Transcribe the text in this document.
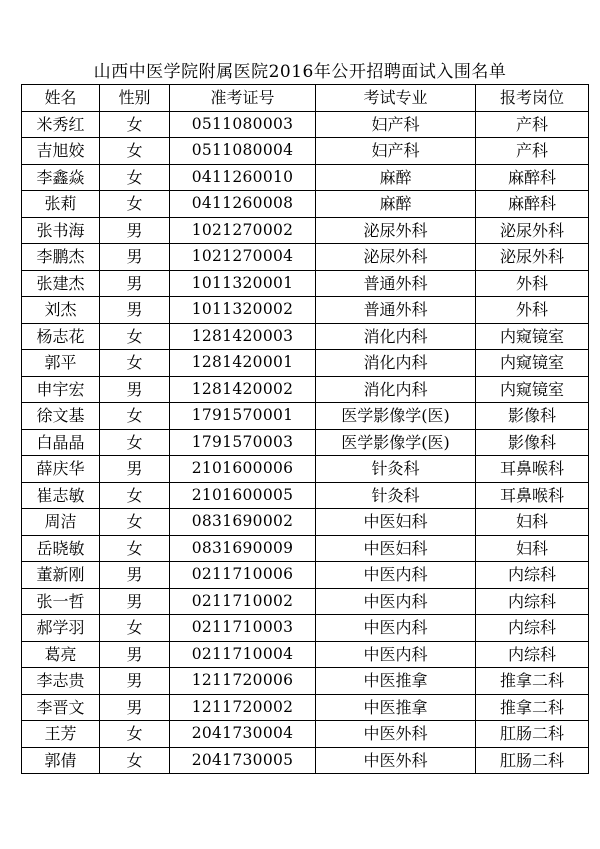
山西中医学院附属医院2016年公开招聘面试入围名单
姓名	性别	准考证号	考试专业	报考岗位
米秀红	女	0511080003	妇产科	产科
吉旭姣	女	0511080004	妇产科	产科
李鑫焱	女	0411260010	麻醉	麻醉科
张莉	女	0411260008	麻醉	麻醉科
张书海	男	1021270002	泌尿外科	泌尿外科
李鹏杰	男	1021270004	泌尿外科	泌尿外科
张建杰	男	1011320001	普通外科	外科
刘杰	男	1011320002	普通外科	外科
杨志花	女	1281420003	消化内科	内窥镜室
郭平	女	1281420001	消化内科	内窥镜室
申宇宏	男	1281420002	消化内科	内窥镜室
徐文基	女	1791570001	医学影像学(医)	影像科
白晶晶	女	1791570003	医学影像学(医)	影像科
薛庆华	男	2101600006	针灸科	耳鼻喉科
崔志敏	女	2101600005	针灸科	耳鼻喉科
周洁	女	0831690002	中医妇科	妇科
岳晓敏	女	0831690009	中医妇科	妇科
董新刚	男	0211710006	中医内科	内综科
张一哲	男	0211710002	中医内科	内综科
郝学羽	女	0211710003	中医内科	内综科
葛亮	男	0211710004	中医内科	内综科
李志贵	男	1211720006	中医推拿	推拿二科
李晋文	男	1211720002	中医推拿	推拿二科
王芳	女	2041730004	中医外科	肛肠二科
郭倩	女	2041730005	中医外科	肛肠二科
